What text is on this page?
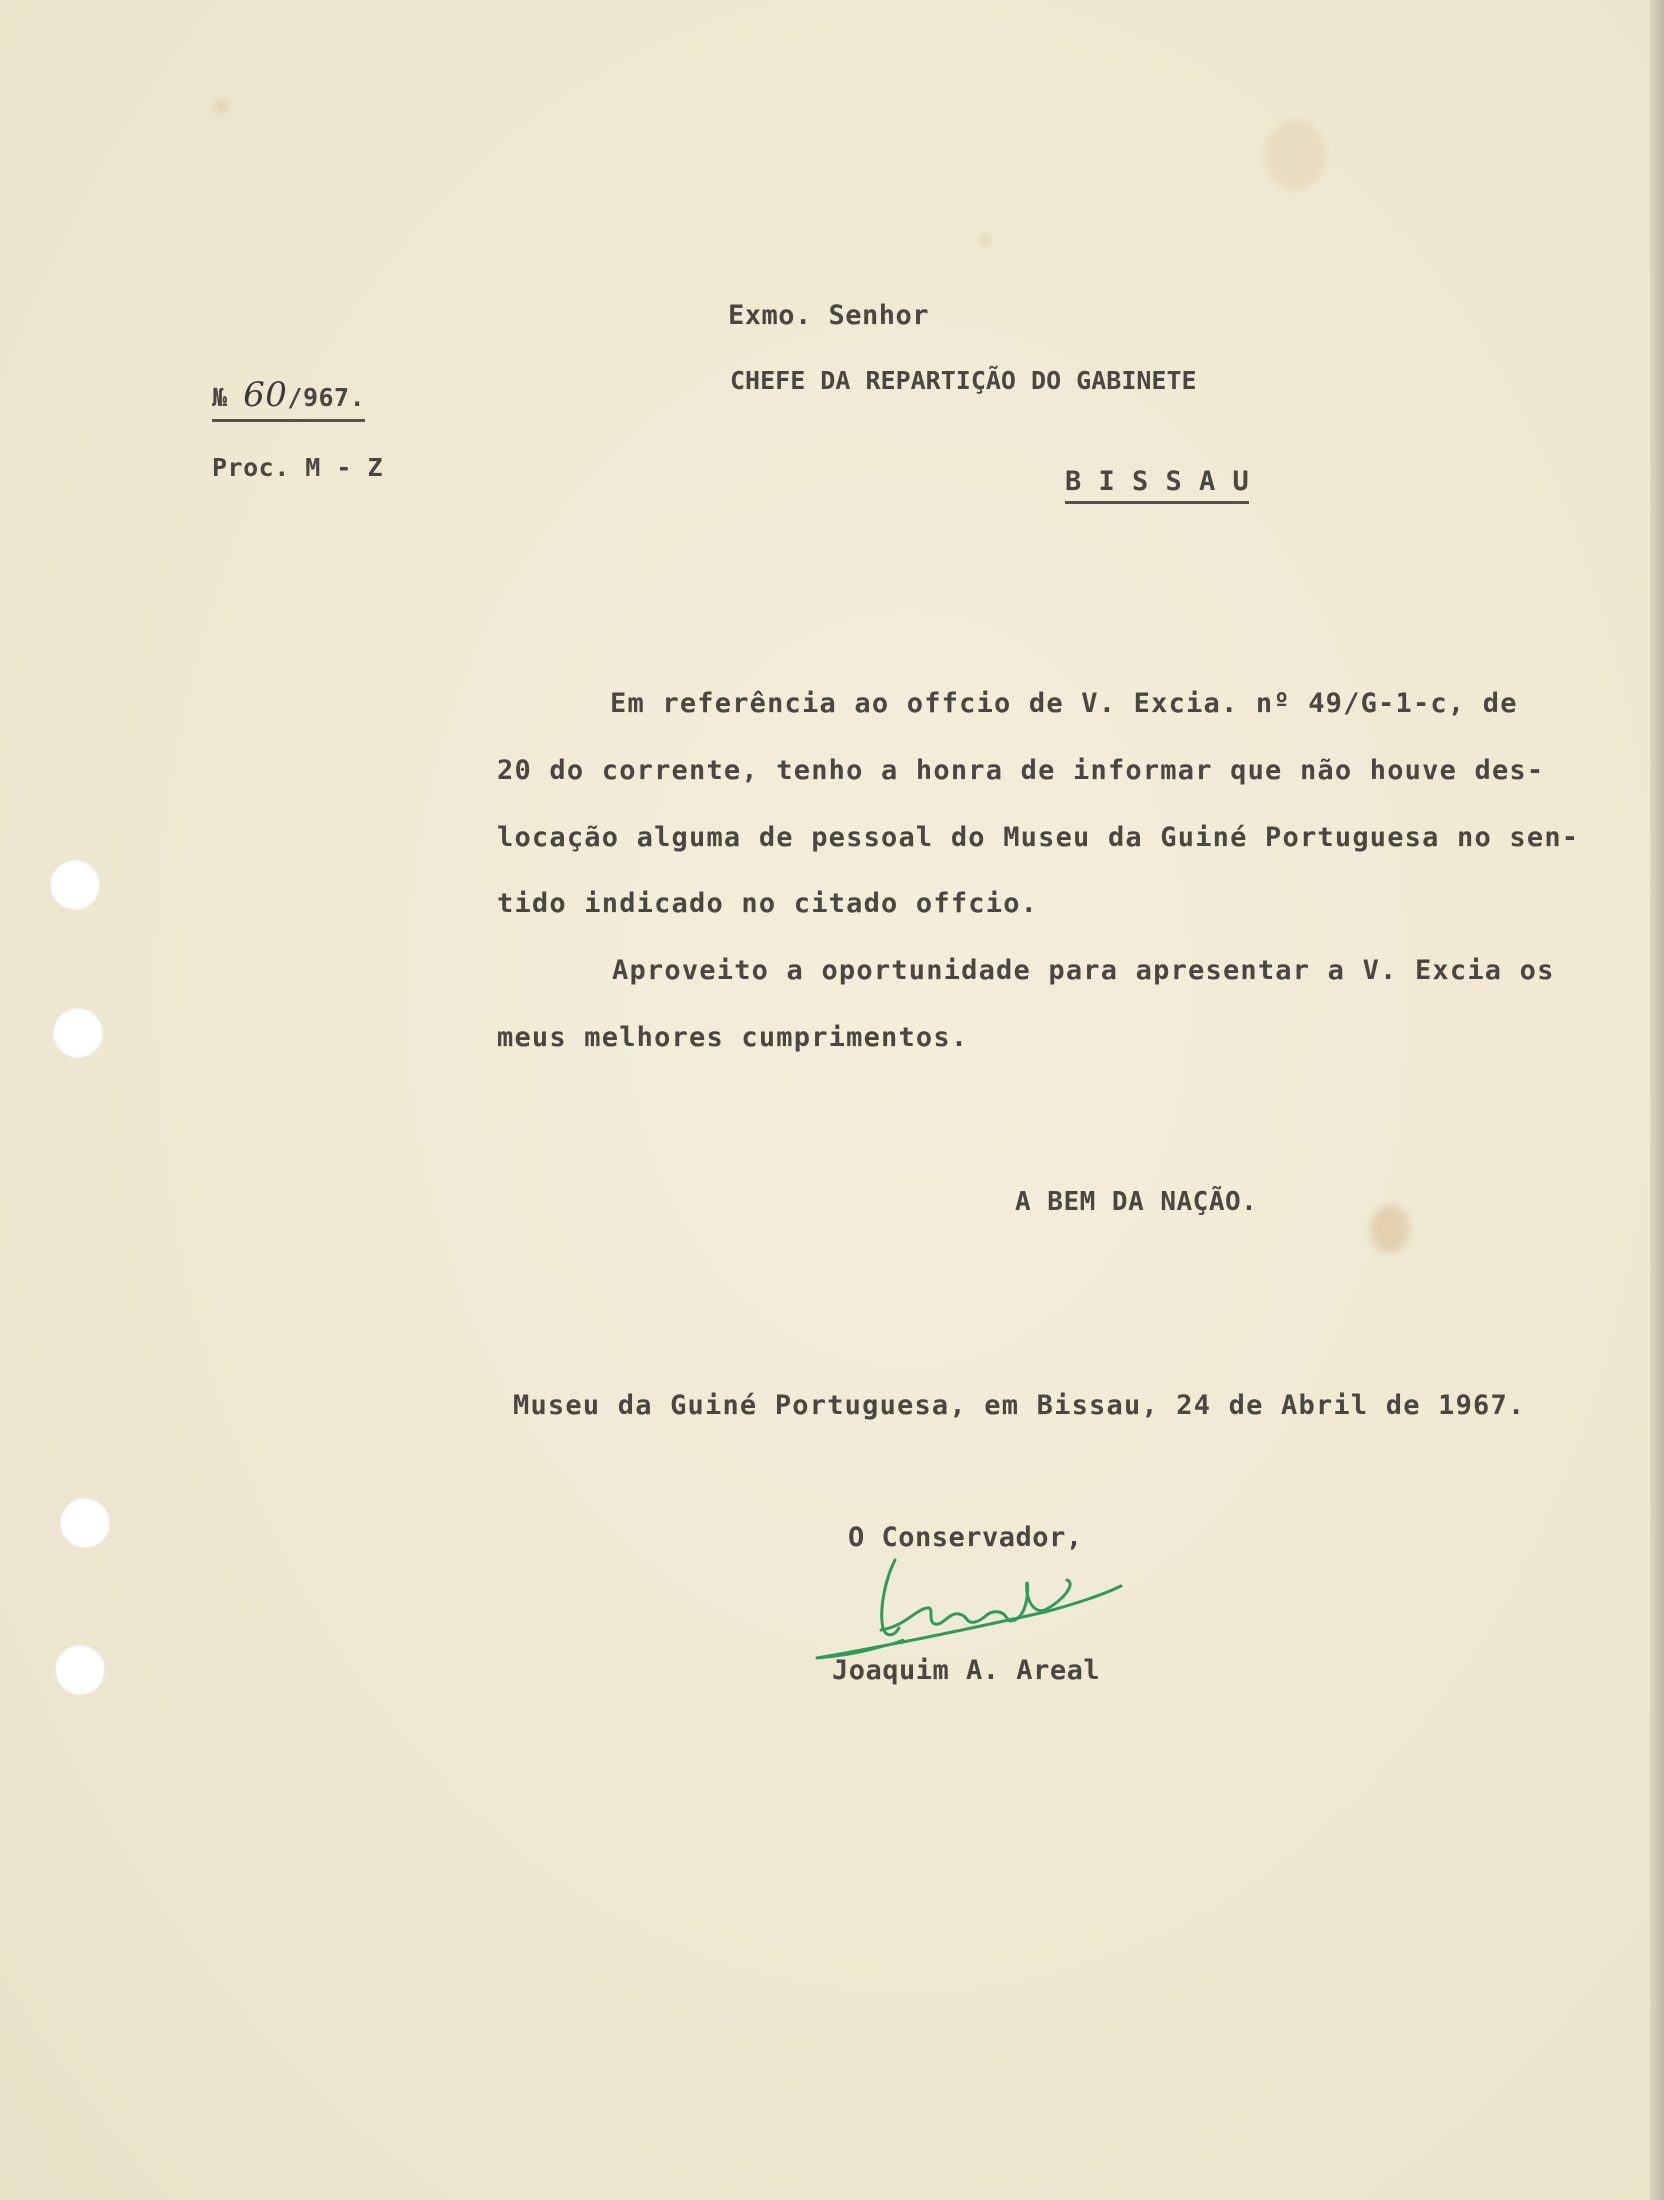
№ 60/967.
Proc. M - Z
Exmo. Senhor
CHEFE DA REPARTIÇÃO DO GABINETE
B I S S A U
Em referência ao offcio de V. Excia. nº 49/G-1-c, de
20 do corrente, tenho a honra de informar que não houve des-
locação alguma de pessoal do Museu da Guiné Portuguesa no sen-
tido indicado no citado offcio.
Aproveito a oportunidade para apresentar a V. Excia os
meus melhores cumprimentos.
A BEM DA NAÇÃO.
Museu da Guiné Portuguesa, em Bissau, 24 de Abril de 1967.
O Conservador,
Joaquim A. Areal
